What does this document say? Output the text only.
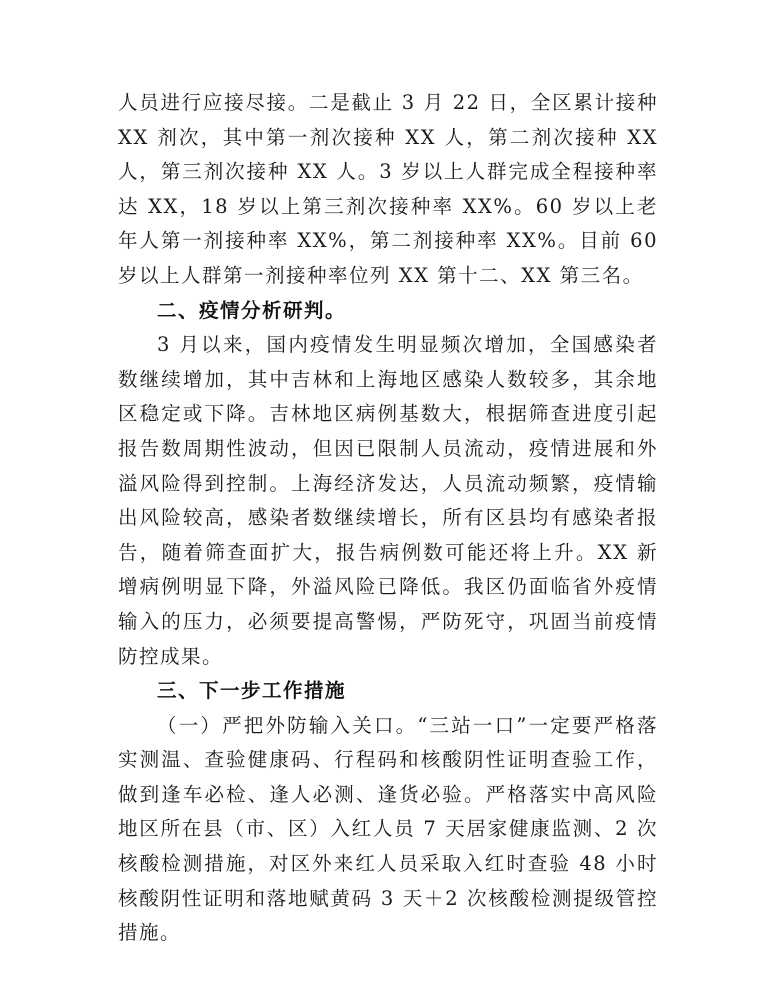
人员进行应接尽接。二是截止 3 月 22 日，全区累计接种 XX 剂次，其中第一剂次接种 XX 人，第二剂次接种 XX 人，第三剂次接种 XX 人。3 岁以上人群完成全程接种率达 XX，18 岁以上第三剂次接种率 XX%。60 岁以上老年人第一剂接种率 XX%，第二剂接种率 XX%。目前 60 岁以上人群第一剂接种率位列 XX 第十二、XX 第三名。

二、疫情分析研判。

3 月以来，国内疫情发生明显频次增加，全国感染者数继续增加，其中吉林和上海地区感染人数较多，其余地区稳定或下降。吉林地区病例基数大，根据筛查进度引起报告数周期性波动，但因已限制人员流动，疫情进展和外溢风险得到控制。上海经济发达，人员流动频繁，疫情输出风险较高，感染者数继续增长，所有区县均有感染者报告，随着筛查面扩大，报告病例数可能还将上升。XX 新增病例明显下降，外溢风险已降低。我区仍面临省外疫情输入的压力，必须要提高警惕，严防死守，巩固当前疫情防控成果。

三、下一步工作措施

（一）严把外防输入关口。“三站一口”一定要严格落实测温、查验健康码、行程码和核酸阴性证明查验工作，做到逢车必检、逢人必测、逢货必验。严格落实中高风险地区所在县（市、区）入红人员 7 天居家健康监测、2 次核酸检测措施，对区外来红人员采取入红时查验 48 小时核酸阴性证明和落地赋黄码 3 天＋2 次核酸检测提级管控措施。
